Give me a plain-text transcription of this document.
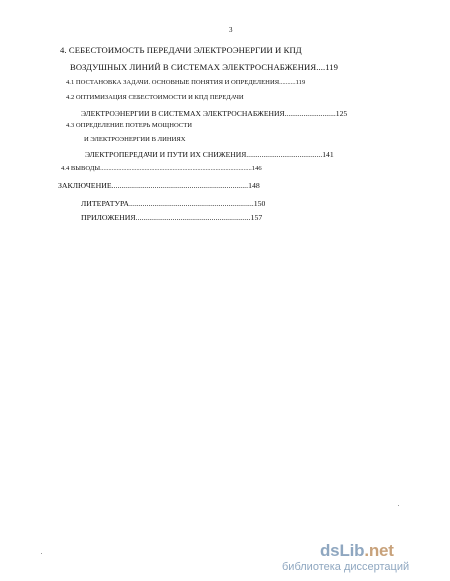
3
4. СЕБЕСТОИМОСТЬ ПЕРЕДАЧИ ЭЛЕКТРОЭНЕРГИИ И КПД
ВОЗДУШНЫХ ЛИНИЙ В СИСТЕМАХ ЭЛЕКТРОСНАБЖЕНИЯ....119
4.1 ПОСТАНОВКА ЗАДАЧИ. ОСНОВНЫЕ ПОНЯТИЯ И ОПРЕДЕЛЕНИЯ..........119
4.2 ОПТИМИЗАЦИЯ СЕБЕСТОИМОСТИ И КПД ПЕРЕДАЧИ
ЭЛЕКТРОЭНЕРГИИ В СИСТЕМАХ ЭЛЕКТРОСНАБЖЕНИЯ...........................125
4.3 ОПРЕДЕЛЕНИЕ ПОТЕРЬ МОЩНОСТИ
И ЭЛЕКТРОЭНЕРГИИ В ЛИНИЯХ
ЭЛЕКТРОПЕРЕДАЧИ И ПУТИ ИХ СНИЖЕНИЯ........................................141
4.4 ВЫВОДЫ............................................................................................146
ЗАКЛЮЧЕНИЕ......................................................................148
ЛИТЕРАТУРА................................................................150
ПРИЛОЖЕНИЯ...........................................................157
dsLib.net
библиотека диссертаций
